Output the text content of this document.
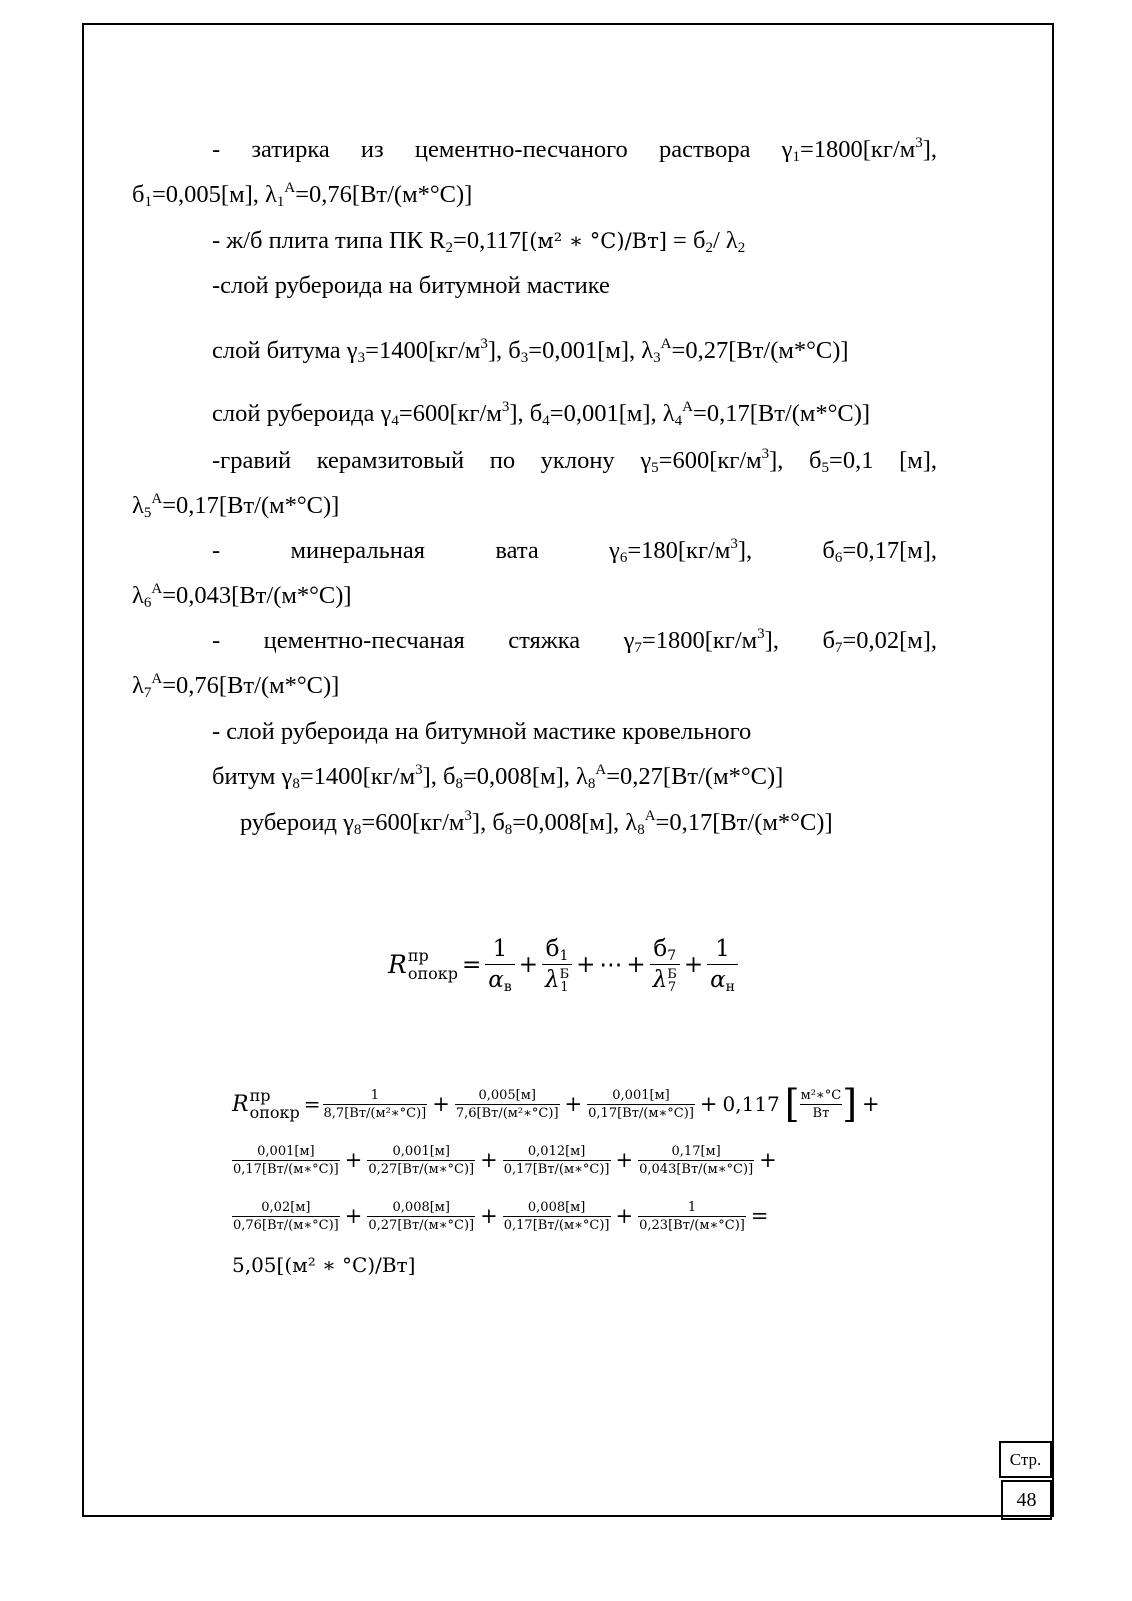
- затирка из цементно-песчаного раствора $\gamma_1=1800[кг/м^3]$,
$б_1=0,005[м]$, $\lambda_1^А=0,76[Вт/(м*^\circ С)]$
- ж/б плита типа ПК $R_2=0,117[(м^2$ ∗ $^\circ С)/Вт] = б_2/$ $\lambda_2$
-слой рубероида на битумной мастике
слой битума $\gamma_3=1400[кг/м^3]$, $б_3=0,001[м]$, $\lambda_3^А=0,27[Вт/(м*^\circ С)]$
слой рубероида $\gamma_4=600[кг/м^3]$, $б_4=0,001[м]$, $\lambda_4^А=0,17[Вт/(м*^\circ С)]$
-гравий керамзитовый по уклону $\gamma_5=600[кг/м^3]$, $б_5=0,1$ [м],
$\lambda_5^А=0,17[Вт/(м*^\circ С)]$
-	минеральная	вата	$\gamma_6=180[кг/м^3]$,	$б_6=0,17[м]$,
$\lambda_6^А=0,043[Вт/(м*^\circ С)]$
- цементно-песчаная стяжка $\gamma_7=1800[кг/м^3]$, $б_7=0,02[м]$,
$\lambda_7^А=0,76[Вт/(м*^\circ С)]$
- слой рубероида на битумной мастике кровельного
битум $\gamma_8=1400[кг/м^3]$, $б_8=0,008[м]$, $\lambda_8^А=0,27[Вт/(м*^\circ С)]$
рубероид $\gamma_8=600[кг/м^3]$, $б_8=0,008[м]$, $\lambda_8^А=0,17[Вт/(м*^\circ С)]$
R пр
опокр = $\frac{1}{\alpha_в} + б_1$
λ Б
1 + ⋯ + $б_7$
λ Б
$7 + \frac{1}{\alpha_н}$
R пр
опокр = $\frac{1}{\text{8,7[Вт/(м²∗°С)]}} + \frac{0,005[м]}{\text{7,6[Вт/(м²∗°С)]}} + \frac{0,001[м]}{0,17[Вт/(м∗^\circ С)]} + 0,117$ [ $\frac{\text{м²∗°С}}{Вт}$ ] +
$\frac{0,001[м]}{0,17[Вт/(м∗^\circ С)]} + \frac{0,001[м]}{0,27[Вт/(м∗^\circ С)]} + \frac{0,012[м]}{0,17[Вт/(м∗^\circ С)]} + \frac{0,17[м]}{0,043[Вт/(м∗^\circ С)]}$ +
$\frac{0,02[м]}{0,76[Вт/(м∗^\circ С)]} + \frac{0,008[м]}{0,27[Вт/(м∗^\circ С)]} + \frac{0,008[м]}{0,17[Вт/(м∗^\circ С)]} + \frac{1}{0,23[Вт/(м∗^\circ С)]}$ =
5,05[(м² ∗ °С)/Вт]
Стр.
48
